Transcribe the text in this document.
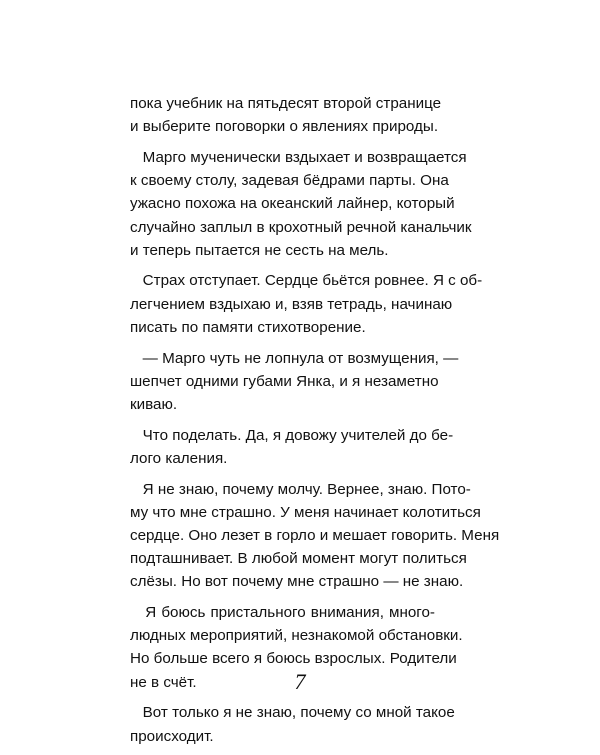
пока учебник на пятьдесят второй странице
и выберите поговорки о явлениях природы.

Марго мученически вздыхает и возвращается
к своему столу, задевая бёдрами парты. Она
ужасно похожа на океанский лайнер, который
случайно заплыл в крохотный речной канальчик
и теперь пытается не сесть на мель.

Страх отступает. Сердце бьётся ровнее. Я с об-
легчением вздыхаю и, взяв тетрадь, начинаю
писать по памяти стихотворение.

— Марго чуть не лопнула от возмущения, —
шепчет одними губами Янка, и я незаметно
киваю.

Что поделать. Да, я довожу учителей до бе-
лого каления.

Я не знаю, почему молчу. Вернее, знаю. Пото-
му что мне страшно. У меня начинает колотиться
сердце. Оно лезет в горло и мешает говорить. Меня
подташнивает. В любой момент могут политься
слёзы. Но вот почему мне страшно — не знаю.

Я боюсь пристального внимания, много-
людных мероприятий, незнакомой обстановки.
Но больше всего я боюсь взрослых. Родители
не в счёт.

Вот только я не знаю, почему со мной такое
происходит.

7
